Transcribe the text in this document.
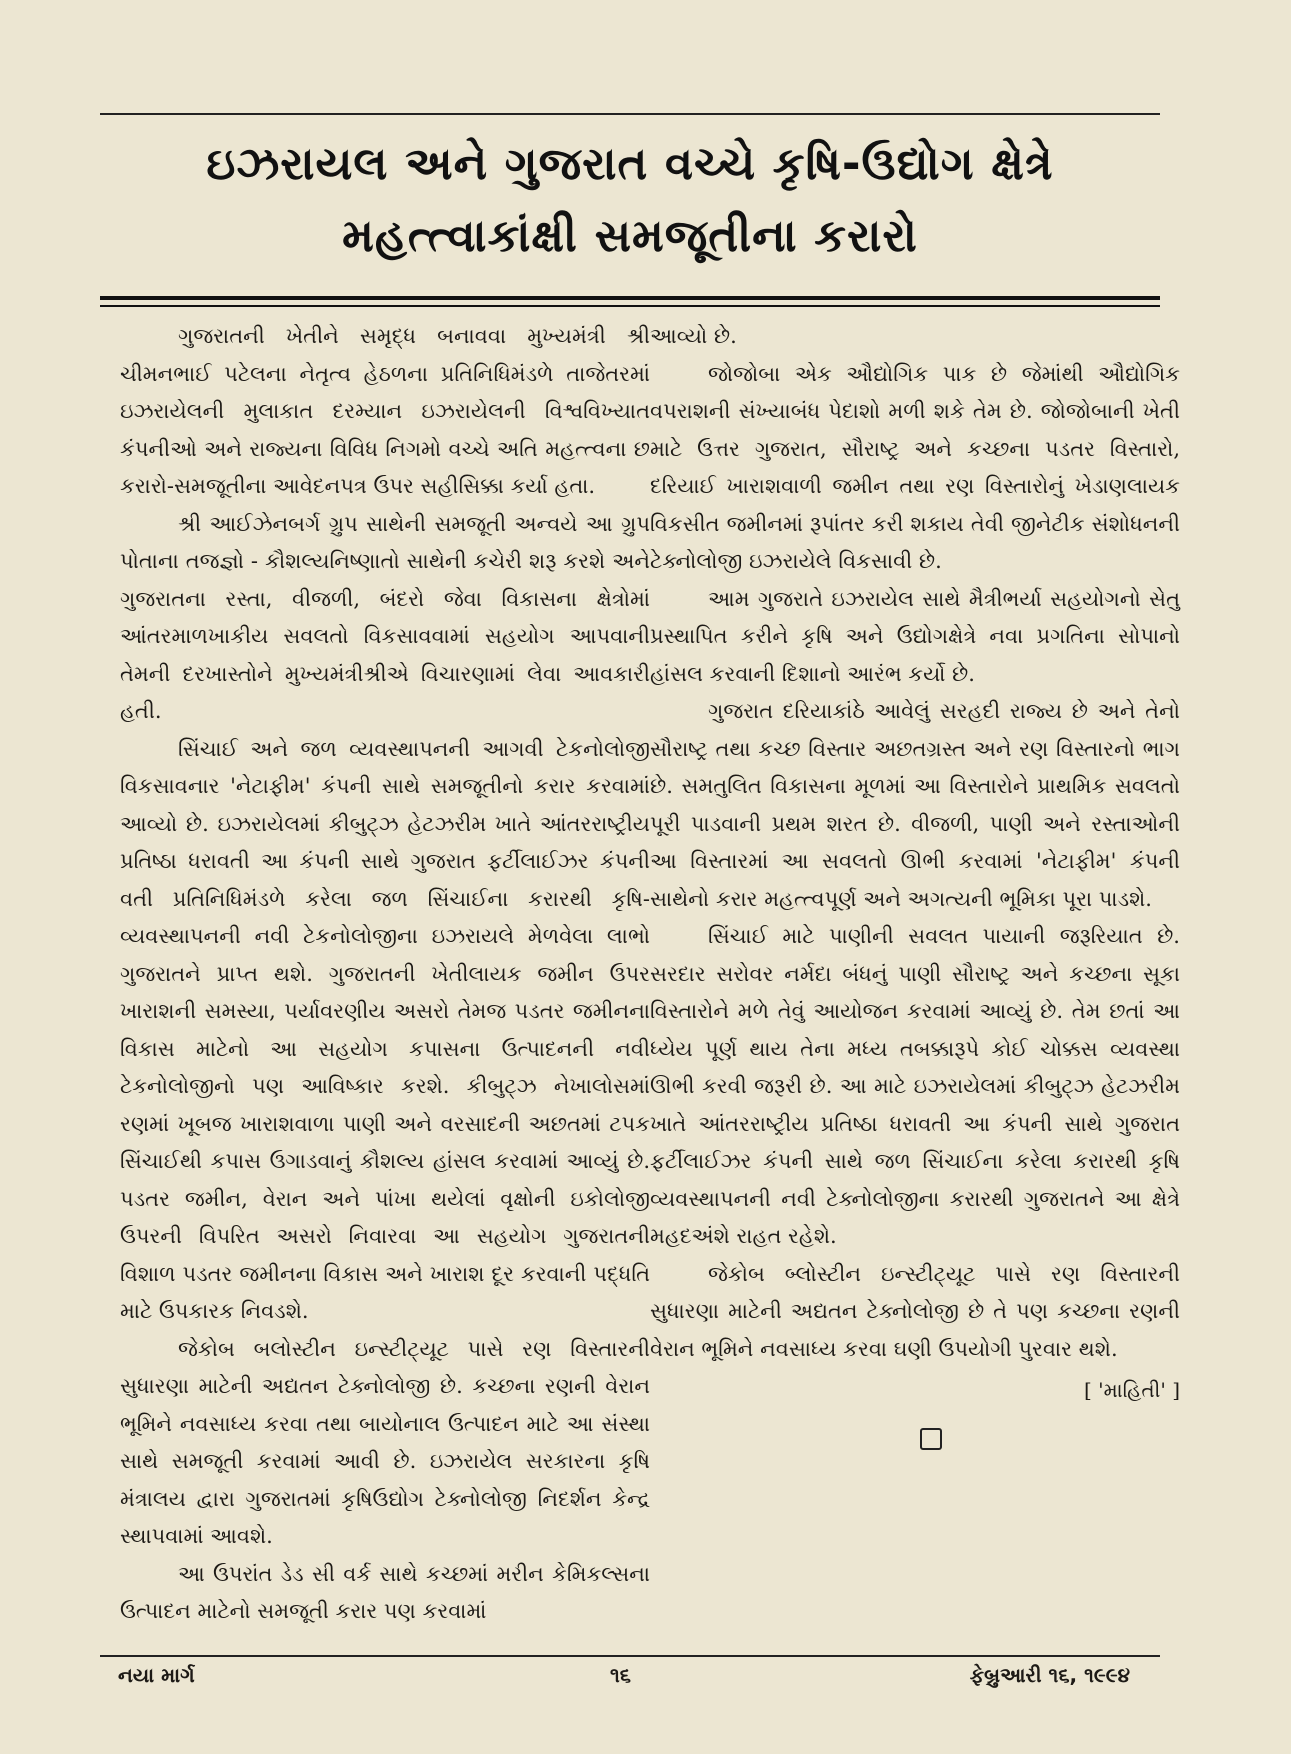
ઇઝરાયલ અને ગુજરાત વચ્ચે કૃષિ-ઉદ્યોગ ક્ષેત્રે
મહત્ત્વાકાંક્ષી સમજૂતીના કરારો

ગુજરાતની ખેતીને સમૃદ્ધ બનાવવા મુખ્યમંત્રી શ્રી ચીમનભાઈ પટેલના નેતૃત્વ હેઠળના પ્રતિનિધિમંડળે તાજેતરમાં ઇઝરાયેલની મુલાકાત દરમ્યાન ઇઝરાયેલની વિશ્વવિખ્યાત કંપનીઓ અને રાજ્યના વિવિધ નિગમો વચ્ચે અતિ મહત્ત્વના છ કરારો-સમજૂતીના આવેદનપત્ર ઉપર સહીસિક્કા કર્યા હતા.

શ્રી આઈઝેનબર્ગ ગ્રુપ સાથેની સમજૂતી અન્વયે આ ગ્રુપ પોતાના તજજ્ઞો - કૌશલ્યનિષ્ણાતો સાથેની કચેરી શરૂ કરશે અને ગુજરાતના રસ્તા, વીજળી, બંદરો જેવા વિકાસના ક્ષેત્રોમાં આંતરમાળખાકીય સવલતો વિકસાવવામાં સહયોગ આપવાની તેમની દરખાસ્તોને મુખ્યમંત્રીશ્રીએ વિચારણામાં લેવા આવકારી હતી.

સિંચાઈ અને જળ વ્યવસ્થાપનની આગવી ટેકનોલોજી વિકસાવનાર 'નેટાફીમ' કંપની સાથે સમજૂતીનો કરાર કરવામાં આવ્યો છે. ઇઝરાયેલમાં કીબુટ્ઝ હેટઝરીમ ખાતે આંતરરાષ્ટ્રીય પ્રતિષ્ઠા ધરાવતી આ કંપની સાથે ગુજરાત ફર્ટીલાઈઝર કંપની વતી પ્રતિનિધિમંડળે કરેલા જળ સિંચાઈના કરારથી કૃષિ-વ્યવસ્થાપનની નવી ટેકનોલોજીના ઇઝરાયલે મેળવેલા લાભો ગુજરાતને પ્રાપ્ત થશે. ગુજરાતની ખેતીલાયક જમીન ઉપર ખારાશની સમસ્યા, પર્યાવરણીય અસરો તેમજ પડતર જમીનના વિકાસ માટેનો આ સહયોગ કપાસના ઉત્પાદનની નવી ટેકનોલોજીનો પણ આવિષ્કાર કરશે. કીબુટ્ઝ નેખાલોસમાં રણમાં ખૂબજ ખારાશવાળા પાણી અને વરસાદની અછતમાં ટપક સિંચાઈથી કપાસ ઉગાડવાનું કૌશલ્ય હાંસલ કરવામાં આવ્યું છે. પડતર જમીન, વેરાન અને પાંખા થયેલાં વૃક્ષોની ઇકોલોજી ઉપરની વિપરિત અસરો નિવારવા આ સહયોગ ગુજરાતની વિશાળ પડતર જમીનના વિકાસ અને ખારાશ દૂર કરવાની પદ્ધતિ માટે ઉપકારક નિવડશે.

જેકોબ બલોસ્ટીન ઇન્સ્ટીટ્યૂટ પાસે રણ વિસ્તારની સુધારણા માટેની અદ્યતન ટેક્નોલોજી છે. કચ્છના રણની વેરાન ભૂમિને નવસાધ્ય કરવા તથા બાયોનાલ ઉત્પાદન માટે આ સંસ્થા સાથે સમજૂતી કરવામાં આવી છે. ઇઝરાયેલ સરકારના કૃષિ મંત્રાલય દ્વારા ગુજરાતમાં કૃષિઉદ્યોગ ટેક્નોલોજી નિદર્શન કેન્દ્ર સ્થાપવામાં આવશે.

આ ઉપરાંત ડેડ સી વર્ક સાથે કચ્છમાં મરીન કેમિકલ્સના ઉત્પાદન માટેનો સમજૂતી કરાર પણ કરવામાં

આવ્યો છે.

જોજોબા એક ઔદ્યોગિક પાક છે જેમાંથી ઔદ્યોગિક વપરાશની સંખ્યાબંધ પેદાશો મળી શકે તેમ છે. જોજોબાની ખેતી માટે ઉત્તર ગુજરાત, સૌરાષ્ટ્ર અને કચ્છના પડતર વિસ્તારો, દરિયાઈ ખારાશવાળી જમીન તથા રણ વિસ્તારોનું ખેડાણલાયક વિકસીત જમીનમાં રૂપાંતર કરી શકાય તેવી જીનેટીક સંશોધનની ટેક્નોલોજી ઇઝરાયેલે વિકસાવી છે.

આમ ગુજરાતે ઇઝરાયેલ સાથે મૈત્રીભર્યા સહયોગનો સેતુ પ્રસ્થાપિત કરીને કૃષિ અને ઉદ્યોગક્ષેત્રે નવા પ્રગતિના સોપાનો હાંસલ કરવાની દિશાનો આરંભ કર્યો છે.

ગુજરાત દરિયાકાંઠે આવેલું સરહદી રાજ્ય છે અને તેનો સૌરાષ્ટ્ર તથા કચ્છ વિસ્તાર અછતગ્રસ્ત અને રણ વિસ્તારનો ભાગ છે. સમતુલિત વિકાસના મૂળમાં આ વિસ્તારોને પ્રાથમિક સવલતો પૂરી પાડવાની પ્રથમ શરત છે. વીજળી, પાણી અને રસ્તાઓની આ વિસ્તારમાં આ સવલતો ઊભી કરવામાં 'નેટાફીમ' કંપની સાથેનો કરાર મહત્ત્વપૂર્ણ અને અગત્યની ભૂમિકા પૂરા પાડશે.

સિંચાઈ માટે પાણીની સવલત પાયાની જરૂરિયાત છે. સરદાર સરોવર નર્મદા બંધનું પાણી સૌરાષ્ટ્ર અને કચ્છના સૂકા વિસ્તારોને મળે તેવું આયોજન કરવામાં આવ્યું છે. તેમ છતાં આ ધ્યેય પૂર્ણ થાય તેના મધ્ય તબક્કારૂપે કોઈ ચોક્કસ વ્યવસ્થા ઊભી કરવી જરૂરી છે. આ માટે ઇઝરાયેલમાં કીબુટ્ઝ હેટઝરીમ ખાતે આંતરરાષ્ટ્રીય પ્રતિષ્ઠા ધરાવતી આ કંપની સાથે ગુજરાત ફર્ટીલાઈઝર કંપની સાથે જળ સિંચાઈના કરેલા કરારથી કૃષિ વ્યવસ્થાપનની નવી ટેક્નોલોજીના કરારથી ગુજરાતને આ ક્ષેત્રે મહદઅંશે રાહત રહેશે.

જેકોબ બ્લોસ્ટીન ઇન્સ્ટીટ્યૂટ પાસે રણ વિસ્તારની સુધારણા માટેની અદ્યતન ટેક્નોલોજી છે તે પણ કચ્છના રણની વેરાન ભૂમિને નવસાધ્ય કરવા ઘણી ઉપયોગી પુરવાર થશે.

[ 'માહિતી' ]
નયા માર્ગ	૧૬	ફેબ્રુઆરી ૧૬, ૧૯૯૪
